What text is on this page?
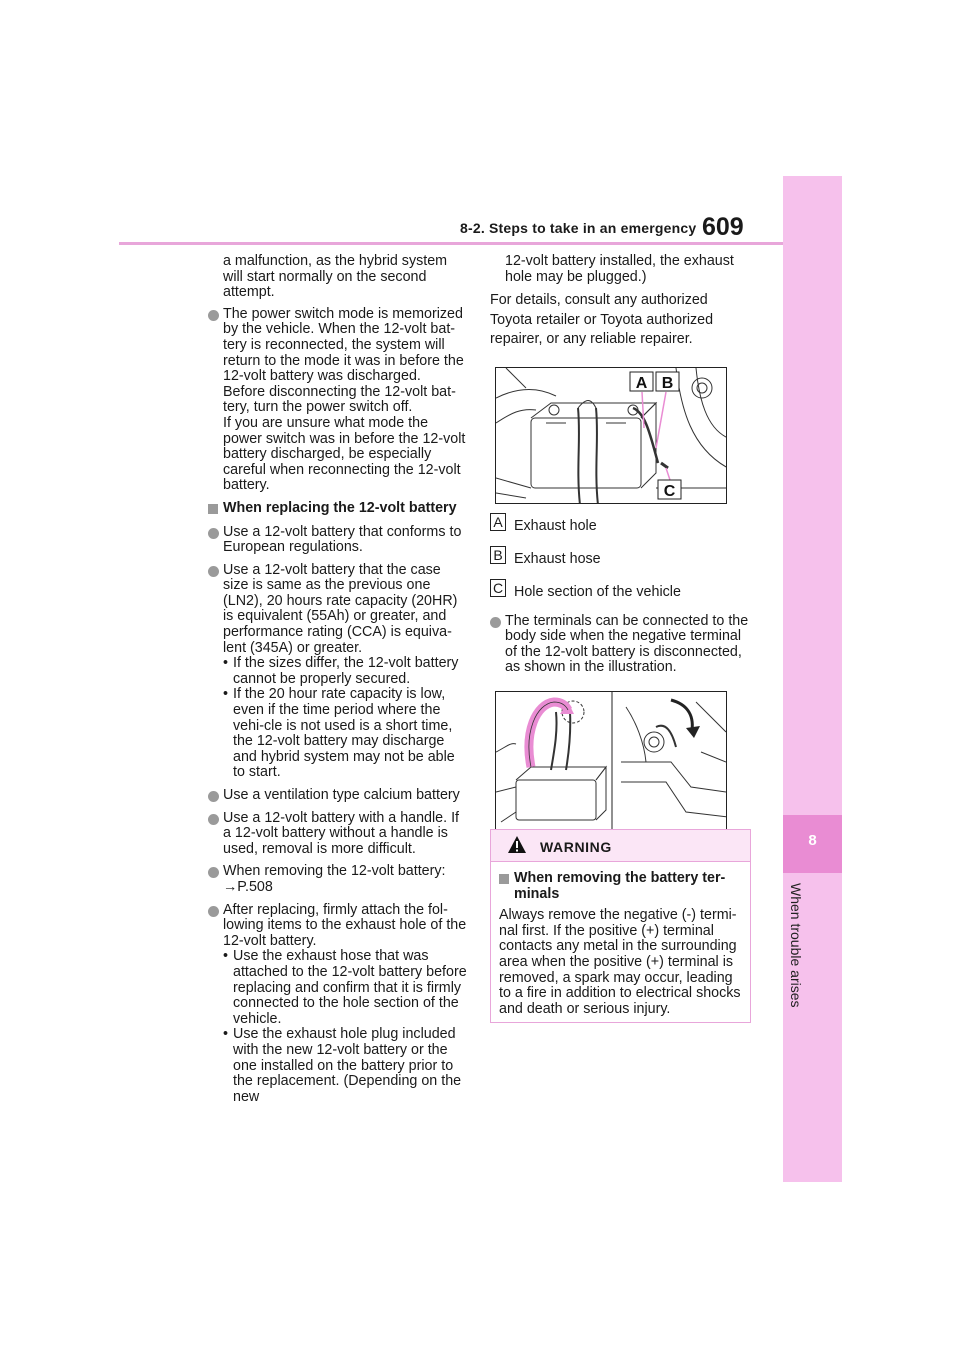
8-2. Steps to take in an emergency 609
8
When trouble arises
a malfunction, as the hybrid system will start normally on the second attempt.
The power switch mode is memorized by the vehicle. When the 12-volt bat-tery is reconnected, the system will return to the mode it was in before the 12-volt battery was discharged.
Before disconnecting the 12-volt bat-tery, turn the power switch off.
If you are unsure what mode the power switch was in before the 12-volt battery discharged, be especially careful when reconnecting the 12-volt battery.
When replacing the 12-volt battery
Use a 12-volt battery that conforms to European regulations.
Use a 12-volt battery that the case size is same as the previous one (LN2), 20 hours rate capacity (20HR) is equivalent (55Ah) or greater, and performance rating (CCA) is equiva-lent (345A) or greater.
• If the sizes differ, the 12-volt battery cannot be properly secured.
• If the 20 hour rate capacity is low, even if the time period where the vehi-cle is not used is a short time, the 12-volt battery may discharge and hybrid system may not be able to start.
Use a ventilation type calcium battery
Use a 12-volt battery with a handle. If a 12-volt battery without a handle is used, removal is more difficult.
When removing the 12-volt battery:
→P.508
After replacing, firmly attach the fol-lowing items to the exhaust hole of the 12-volt battery.
• Use the exhaust hose that was attached to the 12-volt battery before replacing and confirm that it is firmly connected to the hole section of the vehicle.
• Use the exhaust hole plug included with the new 12-volt battery or the one installed on the battery prior to the replacement. (Depending on the new
12-volt battery installed, the exhaust hole may be plugged.)
For details, consult any authorized
Toyota retailer or Toyota authorized
repairer, or any reliable repairer.
A B
C
A Exhaust hole
B Exhaust hose
C Hole section of the vehicle
The terminals can be connected to the body side when the negative terminal of the 12-volt battery is disconnected, as shown in the illustration.
WARNING
When removing the battery ter-minals
Always remove the negative (-) termi-nal first. If the positive (+) terminal contacts any metal in the surrounding area when the positive (+) terminal is removed, a spark may occur, leading to a fire in addition to electrical shocks and death or serious injury.
